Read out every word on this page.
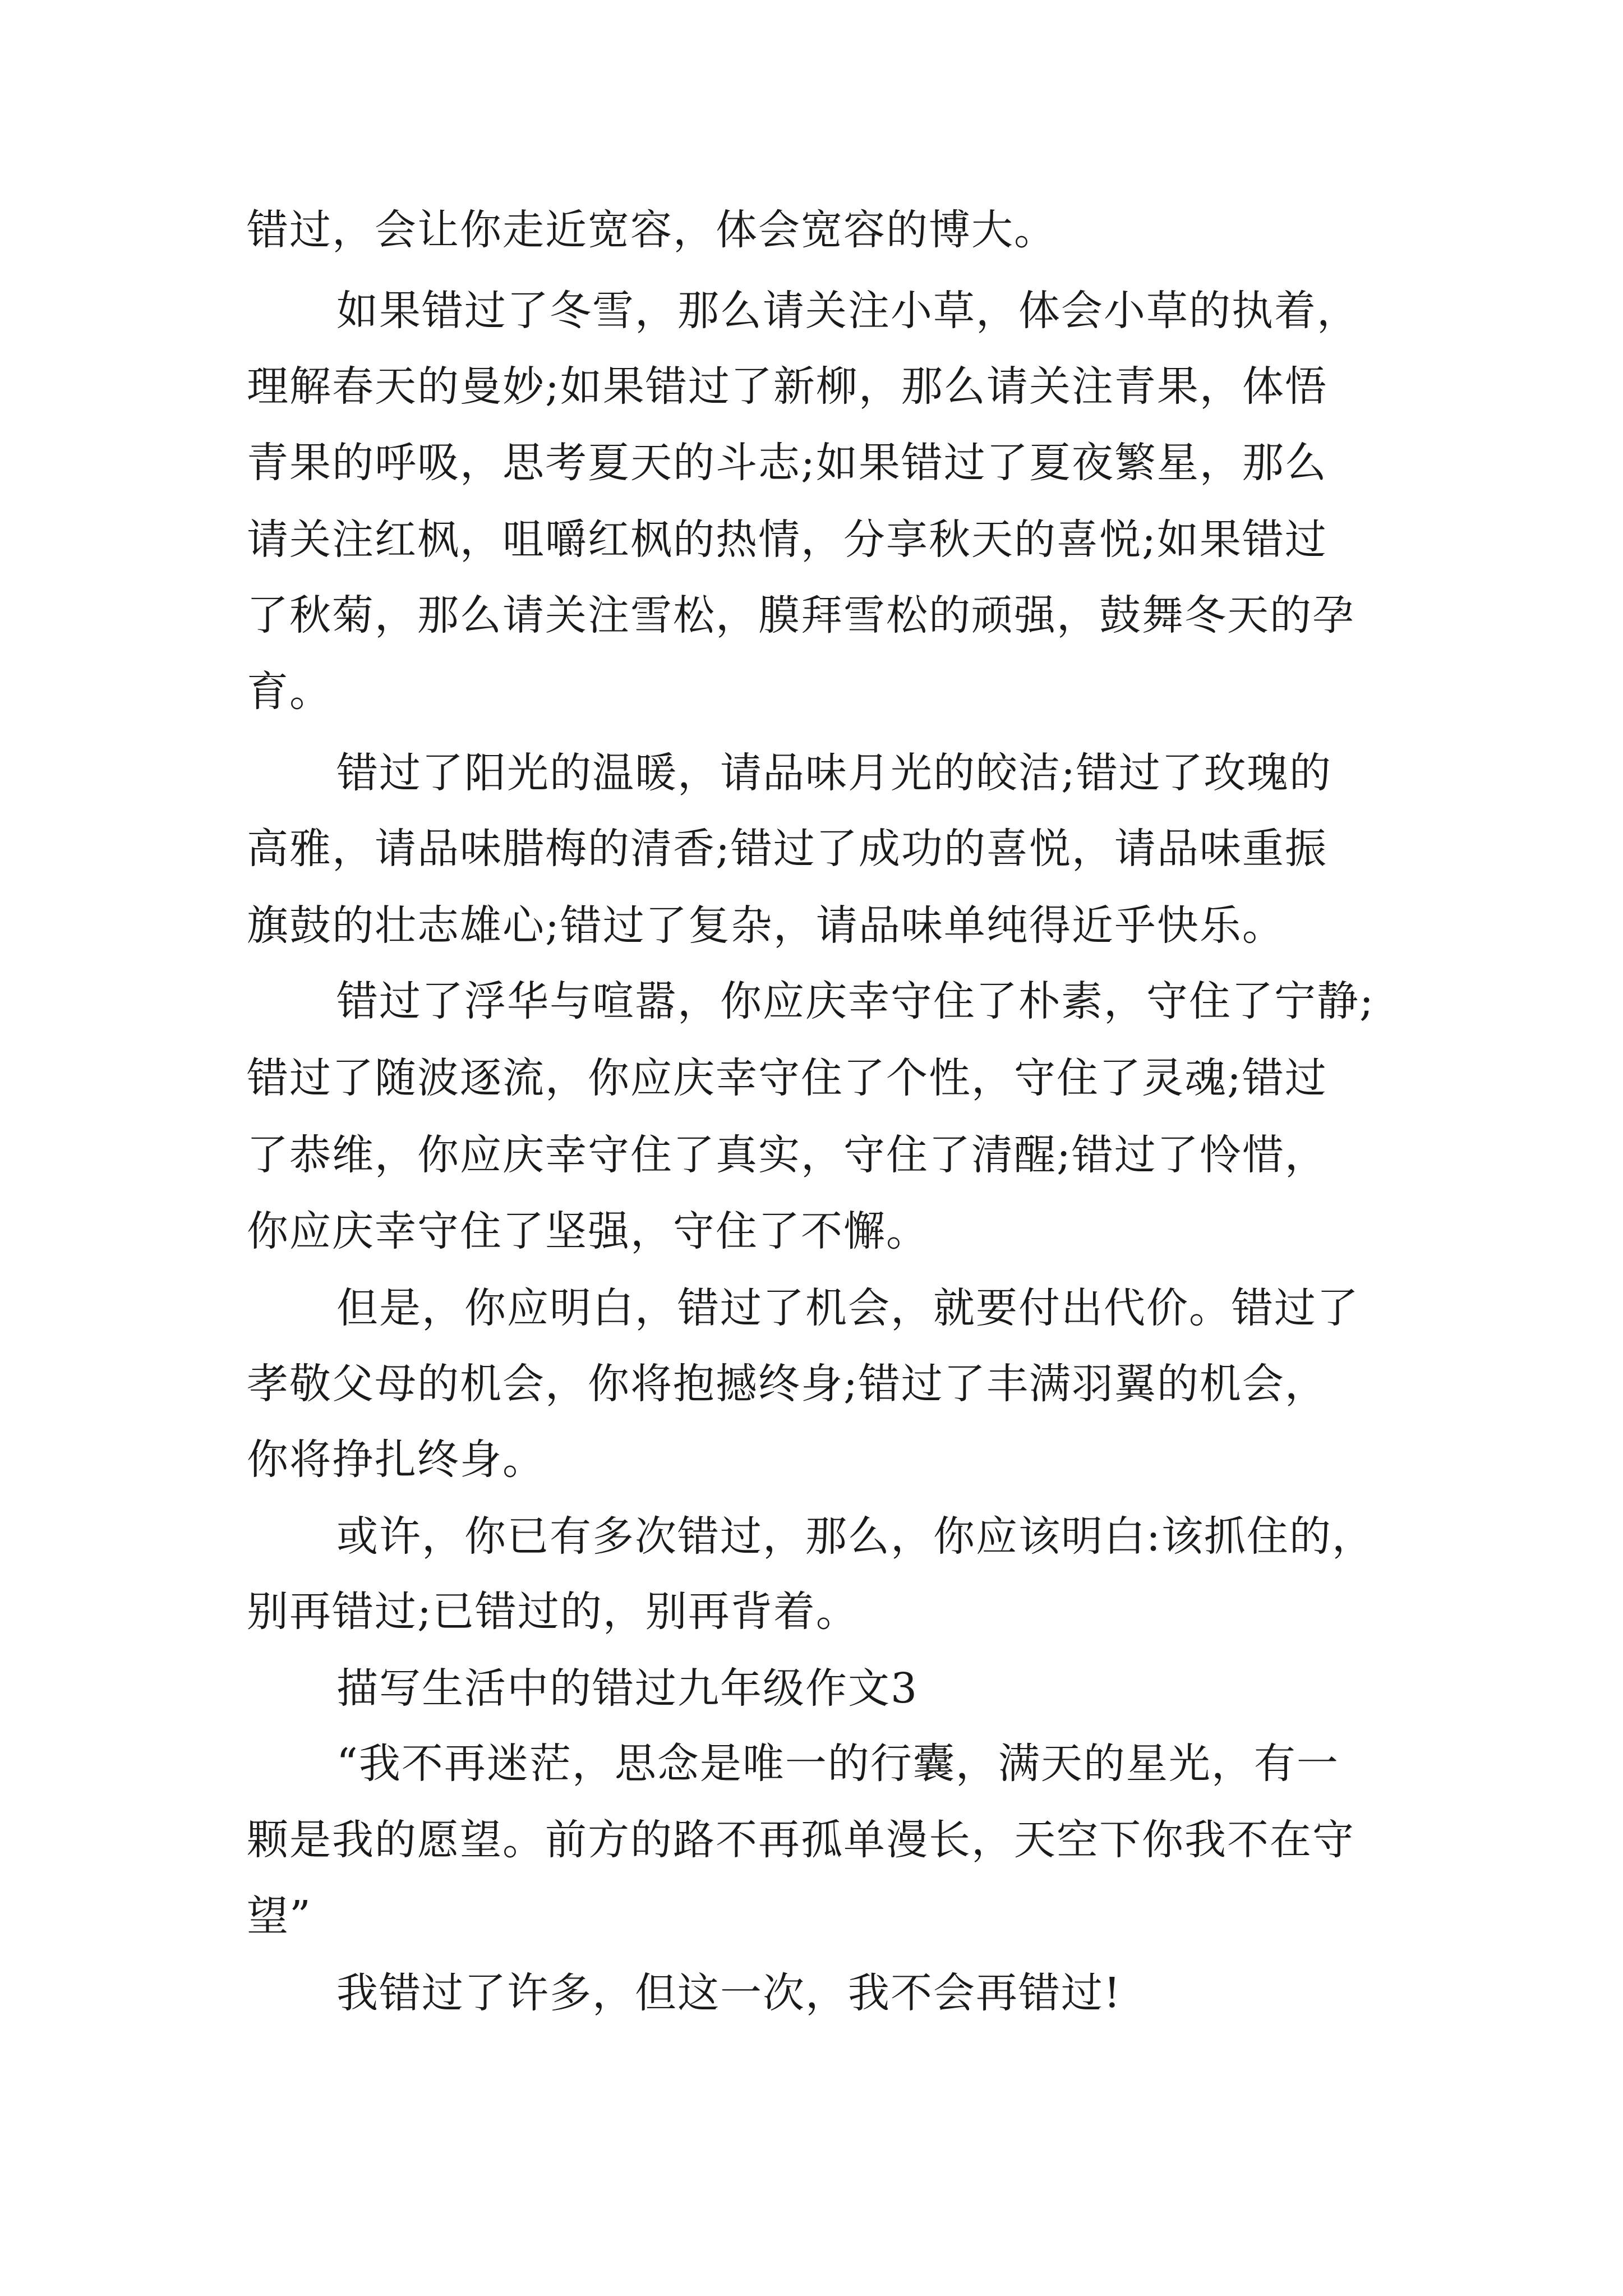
错过，会让你走近宽容，体会宽容的博大。
如果错过了冬雪，那么请关注小草，体会小草的执着，
理解春天的曼妙;如果错过了新柳，那么请关注青果，体悟
青果的呼吸，思考夏天的斗志;如果错过了夏夜繁星，那么
请关注红枫，咀嚼红枫的热情，分享秋天的喜悦;如果错过
了秋菊，那么请关注雪松，膜拜雪松的顽强，鼓舞冬天的孕
育。
错过了阳光的温暖，请品味月光的皎洁;错过了玫瑰的
高雅，请品味腊梅的清香;错过了成功的喜悦，请品味重振
旗鼓的壮志雄心;错过了复杂，请品味单纯得近乎快乐。
错过了浮华与喧嚣，你应庆幸守住了朴素，守住了宁静;
错过了随波逐流，你应庆幸守住了个性，守住了灵魂;错过
了恭维，你应庆幸守住了真实，守住了清醒;错过了怜惜，
你应庆幸守住了坚强，守住了不懈。
但是，你应明白，错过了机会，就要付出代价。错过了
孝敬父母的机会，你将抱撼终身;错过了丰满羽翼的机会，
你将挣扎终身。
或许，你已有多次错过，那么，你应该明白:该抓住的，
别再错过;已错过的，别再背着。
描写生活中的错过九年级作文3
“我不再迷茫，思念是唯一的行囊，满天的星光，有一
颗是我的愿望。前方的路不再孤单漫长，天空下你我不在守
望”
我错过了许多，但这一次，我不会再错过!
